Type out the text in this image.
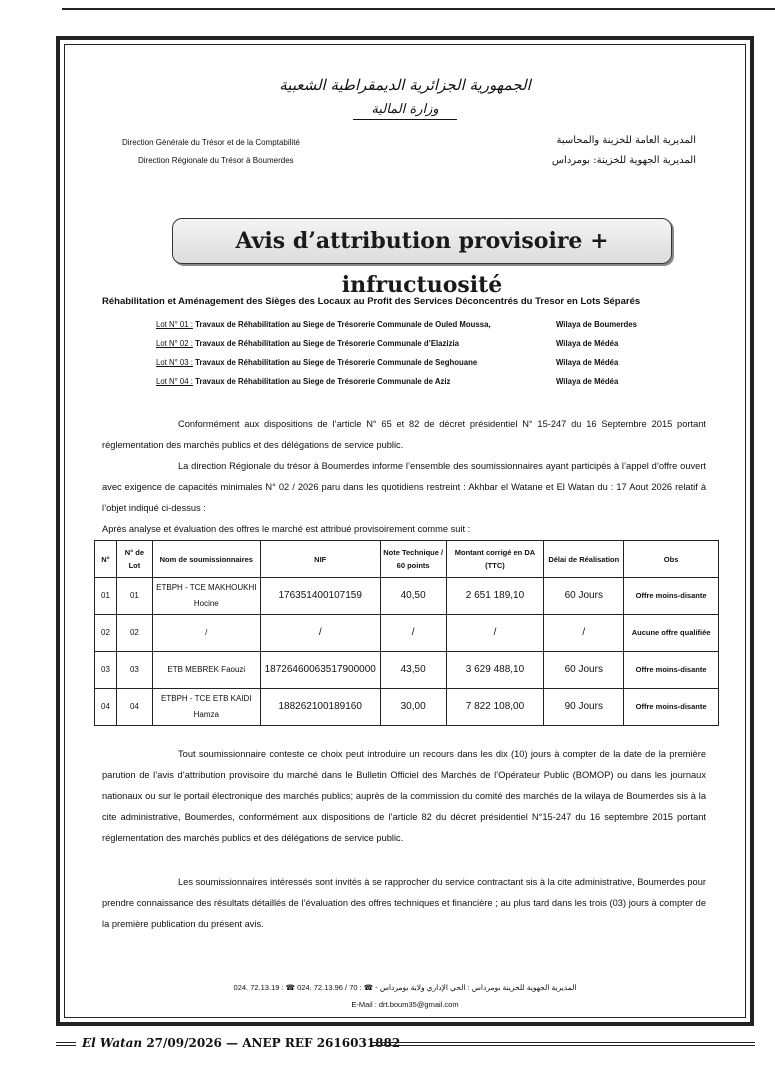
الجمهورية الجزائرية الديمقراطية الشعبية
وزارة المالية
Direction Générale du Trésor et de la Comptabilité
Direction Régionale du Trésor à Boumerdes
المديرية العامة للخزينة والمحاسبة
المديرية الجهوية للخزينة: بومرداس
Avis d’attribution provisoire + infructuosité
Réhabilitation et Aménagement des Sièges des Locaux au Profit des Services Déconcentrés du Tresor en Lots Séparés
Lot N° 01 : Travaux de Réhabilitation au Siege de Trésorerie Communale de Ouled Moussa,	Wilaya de Boumerdes
Lot N° 02 : Travaux de Réhabilitation au Siege de Trésorerie Communale d’Elazizia	Wilaya de Médéa
Lot N° 03 : Travaux de Réhabilitation au Siege de Trésorerie Communale de Seghouane	Wilaya de Médéa
Lot N° 04 : Travaux de Réhabilitation au Siege de Trésorerie Communale de Aziz	Wilaya de Médéa
Conformément aux dispositions de l’article N° 65 et 82 de décret présidentiel N° 15-247 du 16 Septembre 2015 portant réglementation des marchés publics et des délégations de service public.
La direction Régionale du trésor à Boumerdes informe l’ensemble des soumissionnaires ayant participés à l’appel d’offre ouvert avec exigence de capacités minimales N° 02 / 2026 paru dans les quotidiens restreint : Akhbar el Watane et El Watan du : 17 Aout 2026 relatif à l’objet indiqué ci-dessus :
Après analyse et évaluation des offres le marché est attribué provisoirement comme suit :
N°	N° de Lot	Nom de soumissionnaires	NIF	Note Technique / 60 points	Montant corrigé en DA (TTC)	Délai de Réalisation	Obs
01	01	ETBPH - TCE MAKHOUKHI Hocine	176351400107159	40,50	2 651 189,10	60 Jours	Offre moins-disante
02	02	/	/	/	/	/	Aucune offre qualifiée
03	03	ETB MEBREK Faouzi	18726460063517900000	43,50	3 629 488,10	60 Jours	Offre moins-disante
04	04	ETBPH - TCE ETB KAIDI Hamza	188262100189160	30,00	7 822 108,00	90 Jours	Offre moins-disante
Tout soumissionnaire conteste ce choix peut introduire un recours dans les dix (10) jours à compter de la date de la première parution de l’avis d’attribution provisoire du marché dans le Bulletin Officiel des Marchés de l’Opérateur Public (BOMOP) ou dans les journaux nationaux ou sur le portail électronique des marchés publics; auprès de la commission du comité des marchés de la wilaya de Boumerdes sis à la cite administrative, Boumerdes, conformément aux dispositions de l’article 82 du décret présidentiel N°15-247 du 16 septembre 2015 portant réglementation des marchés publics et des délégations de service public.
Les soumissionnaires intéressés sont invités à se rapprocher du service contractant sis à la cite administrative, Boumerdes pour prendre connaissance des résultats détaillés de l’évaluation des offres techniques et financière ; au plus tard dans les trois (03) jours à compter de la première publication du présent avis.
024. 72.13.19 : ☎ 024. 72.13.96 / 70 : ☎ - المديرية الجهوية للخزينة بومرداس : الحي الإداري ولاية بومرداس
E-Mail : drt.boum35@gmail.com
El Watan 27/09/2026 — ANEP REF 2616031882
